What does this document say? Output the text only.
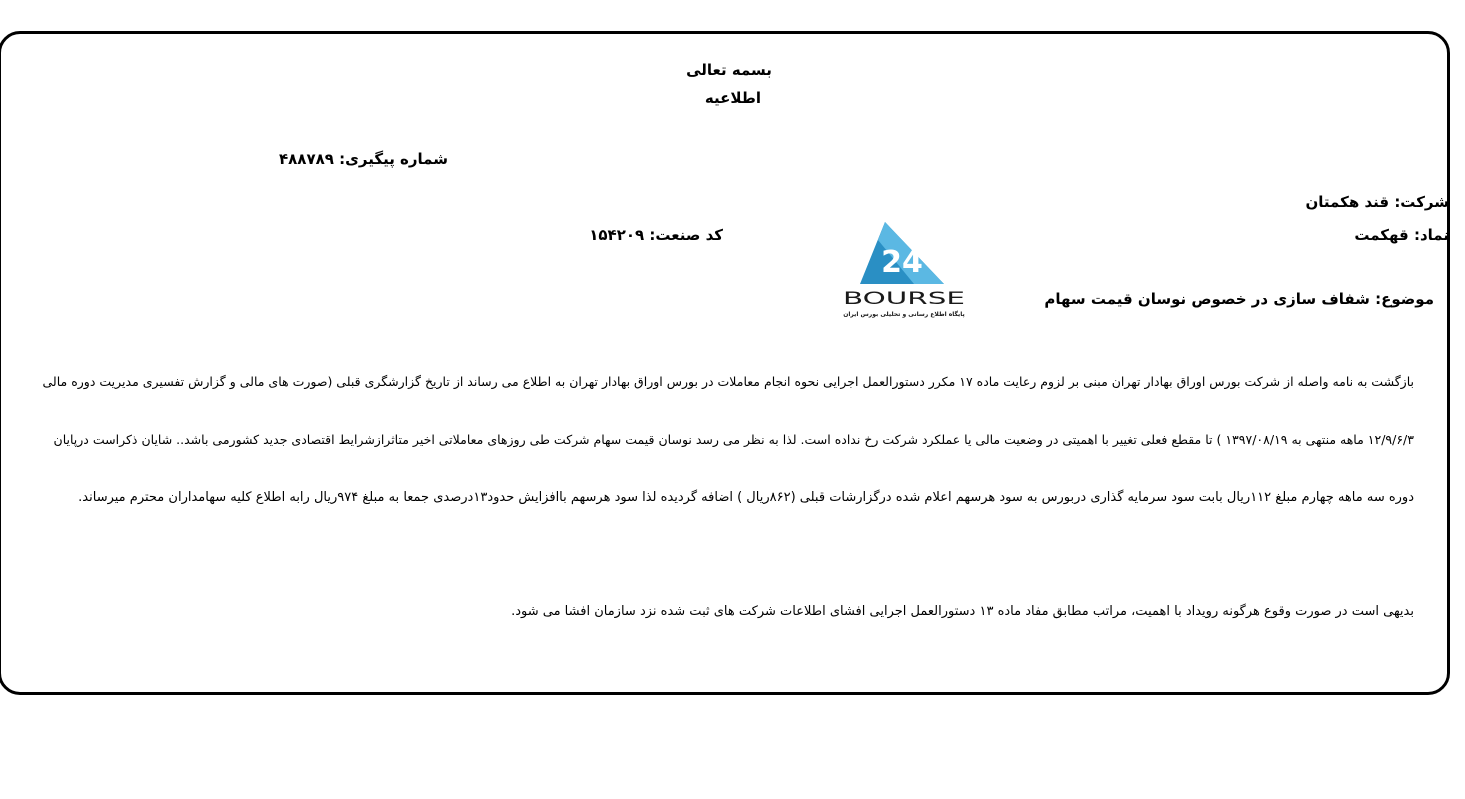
بسمه تعالی
اطلاعیه
شماره پیگیری: ۴۸۸۷۸۹
شرکت: قند هکمتان
نماد: قهکمت
کد صنعت: ۱۵۴۲۰۹
موضوع: شفاف سازی در خصوص نوسان قیمت سهام
24
BOURSE
پایگاه اطلاع رسانی و تحلیلی بورس ایران
بازگشت به نامه واصله از شرکت بورس اوراق بهادار تهران مبنی بر لزوم رعایت ماده ۱۷ مکرر دستورالعمل اجرایی نحوه انجام معاملات در بورس اوراق بهادار تهران به اطلاع می رساند از تاریخ گزارشگری قبلی (صورت های مالی و گزارش تفسیری مدیریت دوره مالی
۱۲/۹/۶/۳ ماهه منتهی به ۱۳۹۷/۰۸/۱۹ ) تا مقطع فعلی تغییر با اهمیتی در وضعیت مالی یا عملکرد شرکت رخ نداده است. لذا به نظر می رسد نوسان قیمت سهام شرکت طی روزهای معاملاتی اخیر متاثرازشرایط اقتصادی جدید کشورمی باشد.. شایان ذکراست درپایان
دوره سه ماهه چهارم مبلغ ۱۱۲ریال بابت سود سرمایه گذاری دربورس به سود هرسهم اعلام شده درگزارشات قبلی (۸۶۲ریال ) اضافه گردیده لذا سود هرسهم باافزایش حدود۱۳درصدی جمعا به مبلغ ۹۷۴ریال رابه اطلاع کلیه سهامداران محترم میرساند.
بدیهی است در صورت وقوع هرگونه رویداد با اهمیت، مراتب مطابق مفاد ماده ۱۳ دستورالعمل اجرایی افشای اطلاعات شرکت های ثبت شده نزد سازمان افشا می شود.
